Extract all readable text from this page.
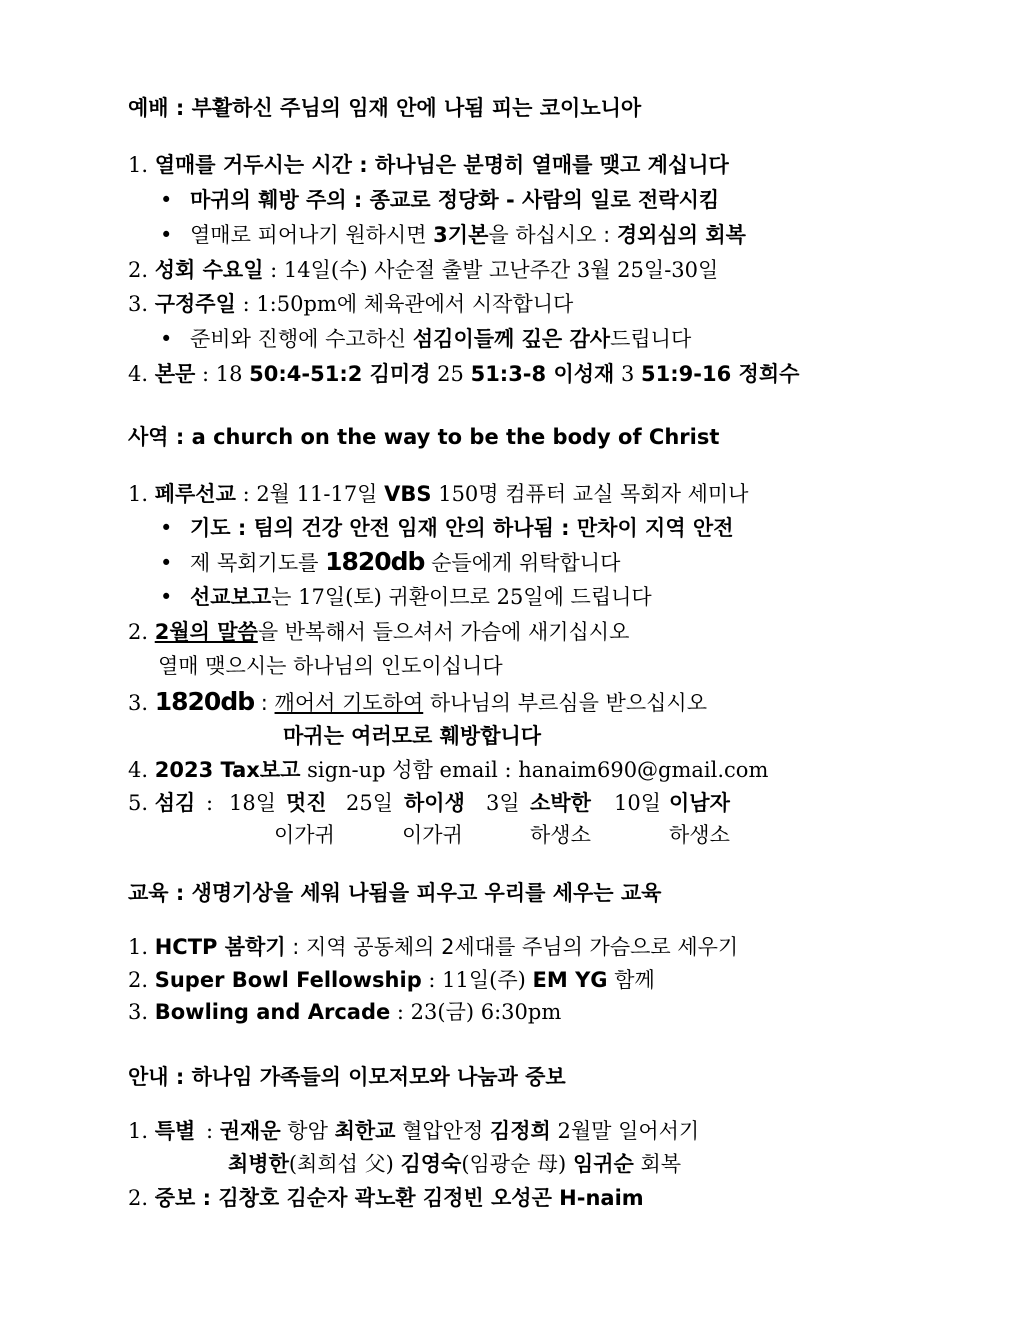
예배 : 부활하신 주님의 임재 안에 나됨 피는 코이노니아
1. 열매를 거두시는 시간 : 하나님은 분명히 열매를 맺고 계십니다
• 마귀의 훼방 주의 : 종교로 정당화 - 사람의 일로 전락시킴
• 열매로 피어나기 원하시면 3기본을 하십시오 : 경외심의 회복
2. 성회 수요일 : 14일(수) 사순절 출발 고난주간 3월 25일-30일
3. 구정주일 : 1:50pm에 체육관에서 시작합니다
• 준비와 진행에 수고하신 섬김이들께 깊은 감사드립니다
4. 본문 : 18 50:4-51:2 김미경 25 51:3-8 이성재 3 51:9-16 정희수
사역 : a church on the way to be the body of Christ
1. 페루선교 : 2월 11-17일 VBS 150명 컴퓨터 교실 목회자 세미나
• 기도 : 팀의 건강 안전 임재 안의 하나됨 : 만차이 지역 안전
• 제 목회기도를 1820db 순들에게 위탁합니다
• 선교보고는 17일(토) 귀환이므로 25일에 드립니다
2. 2월의 말씀을 반복해서 들으셔서 가슴에 새기십시오
열매 맺으시는 하나님의 인도이십니다
3. 1820db : 깨어서 기도하여 하나님의 부르심을 받으십시오
마귀는 여러모로 훼방합니다
4. 2023 Tax보고 sign-up 성함 email : hanaim690@gmail.com
5. 섬김 : 18일 멋진 25일 하이생 3일 소박한 10일 이남자
이가귀	이가귀	하생소	하생소
교육 : 생명기상을 세워 나됨을 피우고 우리를 세우는 교육
1. HCTP 봄학기 : 지역 공동체의 2세대를 주님의 가슴으로 세우기
2. Super Bowl Fellowship : 11일(주) EM YG 함께
3. Bowling and Arcade : 23(금) 6:30pm
안내 : 하나임 가족들의 이모저모와 나눔과 중보
1. 특별 : 권재운 항암 최한교 혈압안정 김정희 2월말 일어서기
최병한(최희섭 父) 김영숙(임광순 母) 임귀순 회복
2. 중보 : 김창호 김순자 곽노환 김정빈 오성곤 H-naim
